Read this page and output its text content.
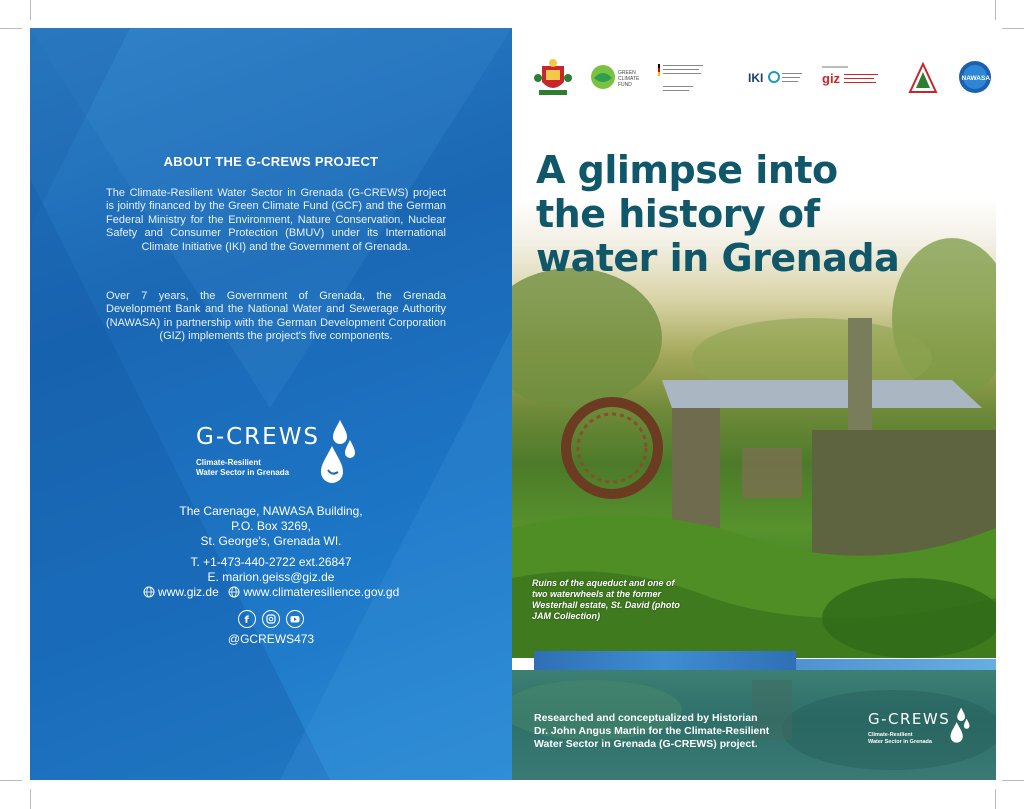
ABOUT THE G-CREWS PROJECT
The Climate-Resilient Water Sector in Grenada (G-CREWS) project is jointly financed by the Green Climate Fund (GCF) and the German Federal Ministry for the Environment, Nature Conservation, Nuclear Safety and Consumer Protection (BMUV) under its International Climate Initiative (IKI) and the Government of Grenada.
Over 7 years, the Government of Grenada, the Grenada Development Bank and the National Water and Sewerage Authority (NAWASA) in partnership with the German Development Corporation (GIZ) implements the project's five components.
G-CREWS
Climate-Resilient
Water Sector in Grenada
The Carenage, NAWASA Building,
P.O. Box 3269,
St. George's, Grenada WI.
T. +1-473-440-2722 ext.26847
E. marion.geiss@giz.de
www.giz.de www.climateresilience.gov.gd
f

@GCREWS473
GREEN
CLIMATE
FUND	IKI	giz	NAWASA
A glimpse into
the history of
water in Grenada
Ruins of the aqueduct and one of two waterwheels at the former Westerhall estate, St. David (photo JAM Collection)
Researched and conceptualized by Historian
Dr. John Angus Martin for the Climate-Resilient
Water Sector in Grenada (G-CREWS) project.
G-CREWS
Climate-Resilient
Water Sector in Grenada
